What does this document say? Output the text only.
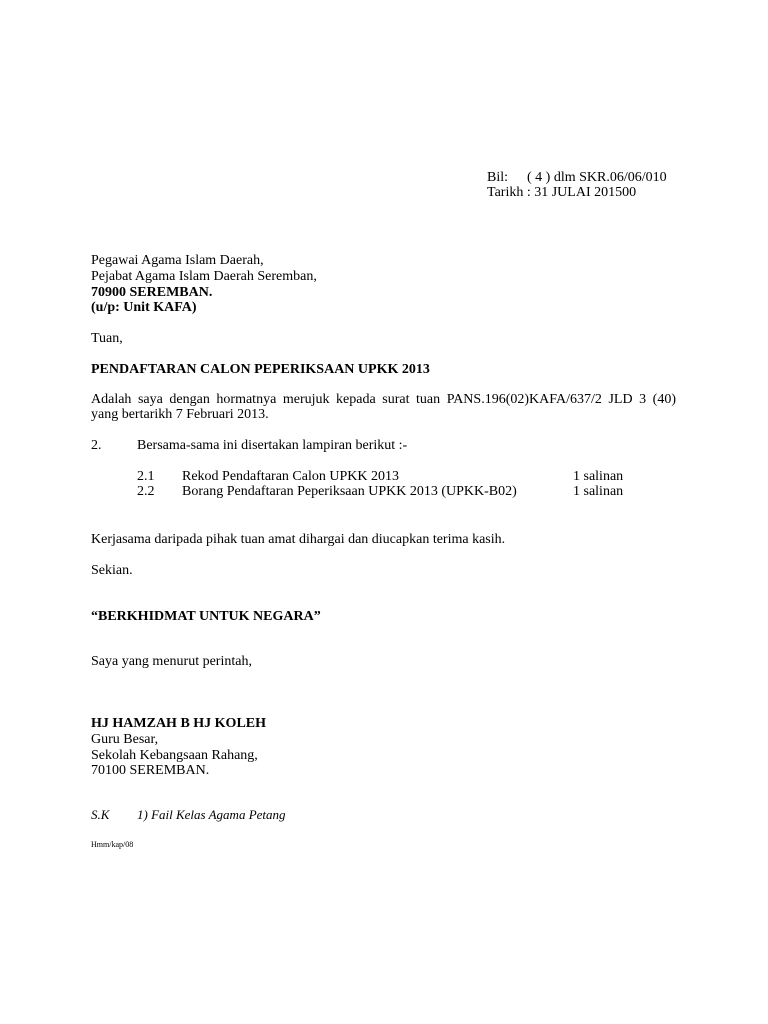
Bil: ( 4 ) dlm SKR.06/06/010
Tarikh : 31 JULAI 201500
Pegawai Agama Islam Daerah,
Pejabat Agama Islam Daerah Seremban,
70900 SEREMBAN.
(u/p: Unit KAFA)
Tuan,
PENDAFTARAN CALON PEPERIKSAAN UPKK 2013
Adalah saya dengan hormatnya merujuk kepada surat tuan PANS.196(02)KAFA/637/2 JLD 3 (40)
yang bertarikh 7 Februari 2013.
2.	Bersama-sama ini disertakan lampiran berikut :-
2.1 Rekod Pendaftaran Calon UPKK 2013	1 salinan
2.2 Borang Pendaftaran Peperiksaan UPKK 2013 (UPKK-B02)	1 salinan
Kerjasama daripada pihak tuan amat dihargai dan diucapkan terima kasih.
Sekian.
“BERKHIDMAT UNTUK NEGARA”
Saya yang menurut perintah,
HJ HAMZAH B HJ KOLEH
Guru Besar,
Sekolah Kebangsaan Rahang,
70100 SEREMBAN.
S.K 1) Fail Kelas Agama Petang
Hmm/kap/08
